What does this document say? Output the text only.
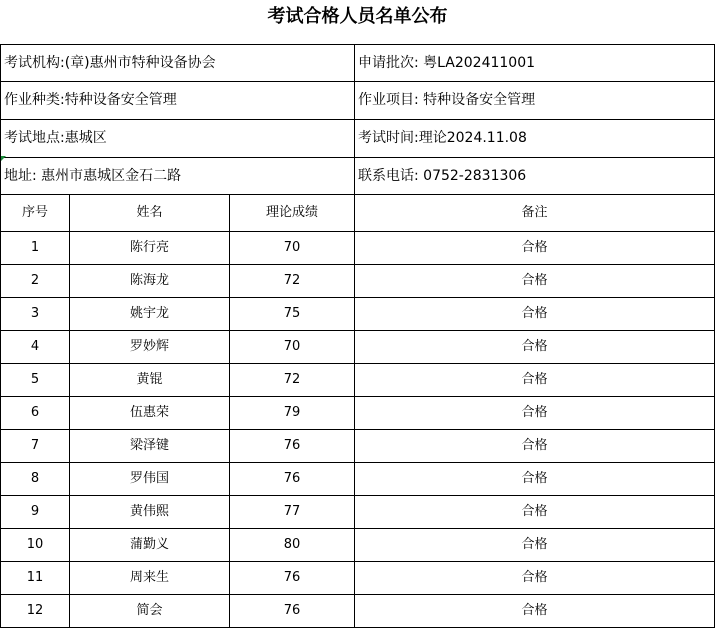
考试合格人员名单公布
考试机构:(章)惠州市特种设备协会	申请批次: 粤LA202411001
作业种类:特种设备安全管理	作业项目: 特种设备安全管理
考试地点:惠城区	考试时间:理论2024.11.08
地址: 惠州市惠城区金石二路	联系电话: 0752-2831306
序号	姓名	理论成绩	备注
1	陈行亮	70	合格
2	陈海龙	72	合格
3	姚宇龙	75	合格
4	罗妙辉	70	合格
5	黄锟	72	合格
6	伍惠荣	79	合格
7	梁泽键	76	合格
8	罗伟国	76	合格
9	黄伟熙	77	合格
10	蒲勤义	80	合格
11	周来生	76	合格
12	简会	76	合格
